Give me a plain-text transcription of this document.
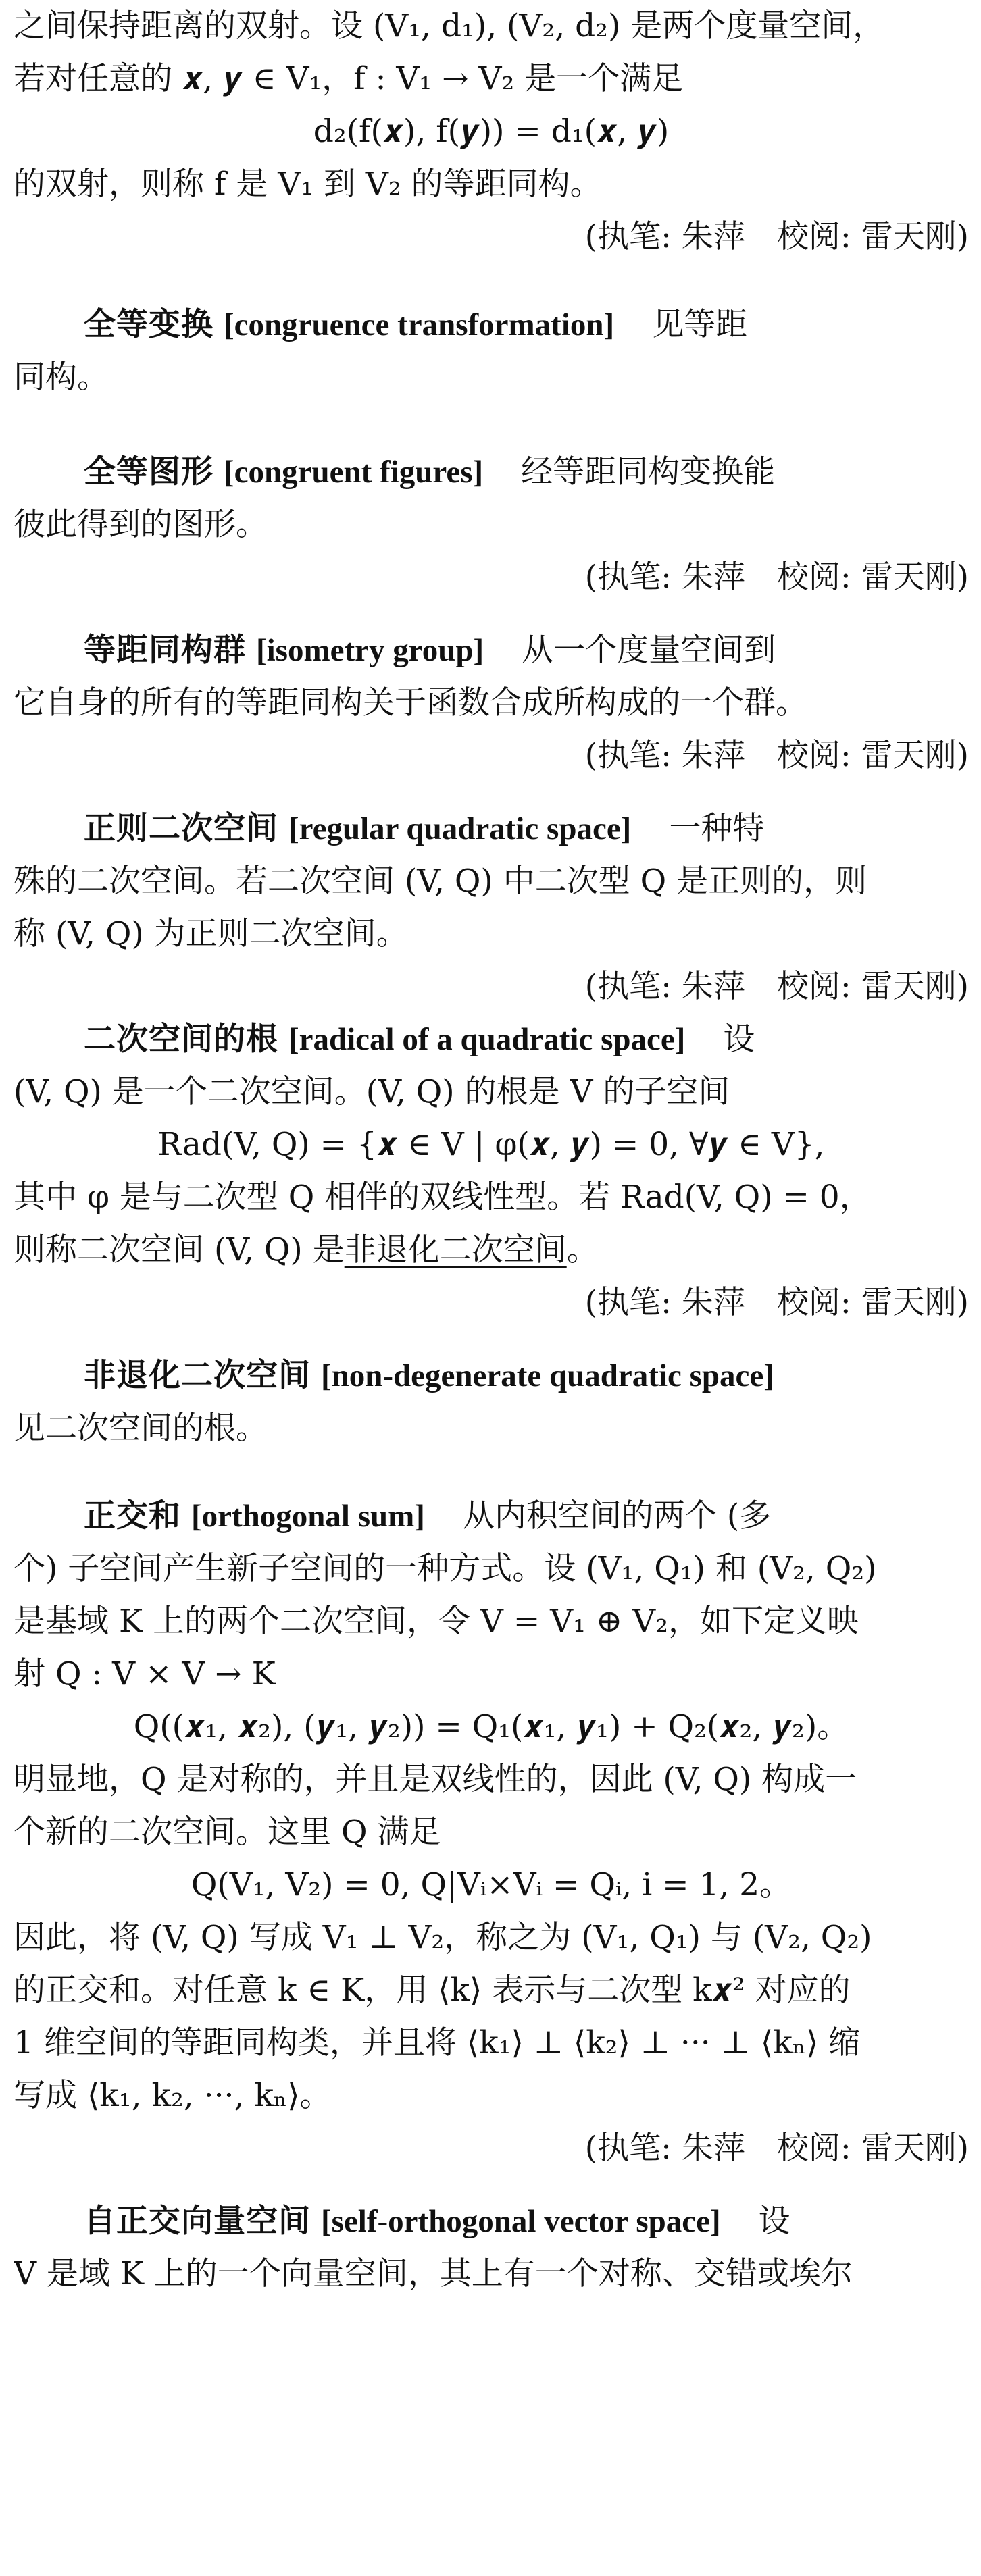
之间保持距离的双射。设 (V₁, d₁), (V₂, d₂) 是两个度量空间，
若对任意的 𝒙, 𝒚 ∈ V₁，f : V₁ → V₂ 是一个满足
d₂(f(𝒙), f(𝒚)) = d₁(𝒙, 𝒚)
的双射，则称 f 是 V₁ 到 V₂ 的等距同构。
(执笔: 朱萍　校阅: 雷天刚)
全等变换 [congruence transformation] 见等距
同构。
全等图形 [congruent figures] 经等距同构变换能
彼此得到的图形。
(执笔: 朱萍　校阅: 雷天刚)
等距同构群 [isometry group] 从一个度量空间到
它自身的所有的等距同构关于函数合成所构成的一个群。
(执笔: 朱萍　校阅: 雷天刚)
正则二次空间 [regular quadratic space] 一种特
殊的二次空间。若二次空间 (V, Q) 中二次型 Q 是正则的，则
称 (V, Q) 为正则二次空间。
(执笔: 朱萍　校阅: 雷天刚)
二次空间的根 [radical of a quadratic space] 设
(V, Q) 是一个二次空间。(V, Q) 的根是 V 的子空间
Rad(V, Q) = {𝒙 ∈ V | φ(𝒙, 𝒚) = 0, ∀𝒚 ∈ V},
其中 φ 是与二次型 Q 相伴的双线性型。若 Rad(V, Q) = 0，
则称二次空间 (V, Q) 是非退化二次空间。
(执笔: 朱萍　校阅: 雷天刚)
非退化二次空间 [non-degenerate quadratic space]
见二次空间的根。
正交和 [orthogonal sum] 从内积空间的两个 (多
个) 子空间产生新子空间的一种方式。设 (V₁, Q₁) 和 (V₂, Q₂)
是基域 K 上的两个二次空间，令 V = V₁ ⊕ V₂，如下定义映
射 Q : V × V → K
Q((𝒙₁, 𝒙₂), (𝒚₁, 𝒚₂)) = Q₁(𝒙₁, 𝒚₁) + Q₂(𝒙₂, 𝒚₂)。
明显地，Q 是对称的，并且是双线性的，因此 (V, Q) 构成一
个新的二次空间。这里 Q 满足
Q(V₁, V₂) = 0, Q|Vᵢ×Vᵢ = Qᵢ, i = 1, 2。
因此，将 (V, Q) 写成 V₁ ⊥ V₂，称之为 (V₁, Q₁) 与 (V₂, Q₂)
的正交和。对任意 k ∈ K，用 ⟨k⟩ 表示与二次型 k𝒙² 对应的
1 维空间的等距同构类，并且将 ⟨k₁⟩ ⊥ ⟨k₂⟩ ⊥ ··· ⊥ ⟨kₙ⟩ 缩
写成 ⟨k₁, k₂, ···, kₙ⟩。
(执笔: 朱萍　校阅: 雷天刚)
自正交向量空间 [self-orthogonal vector space] 设
V 是域 K 上的一个向量空间，其上有一个对称、交错或埃尔
